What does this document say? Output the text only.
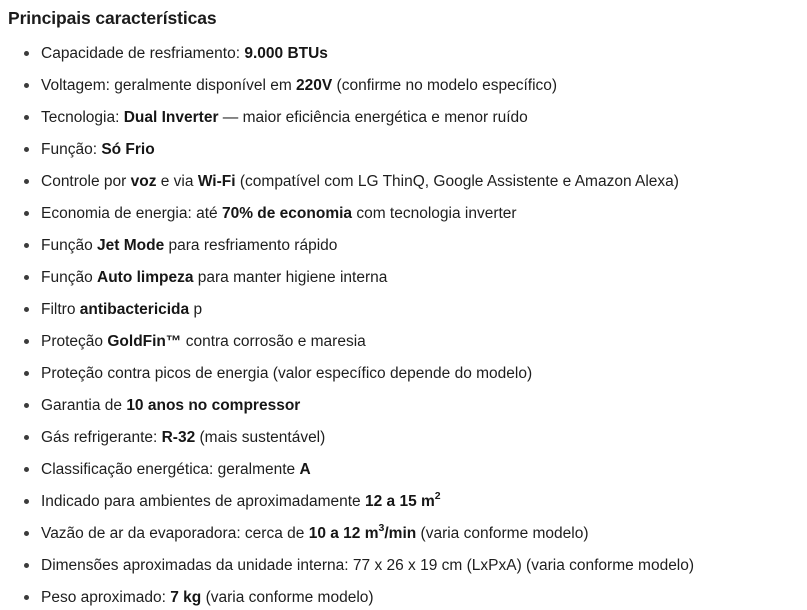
Principais características
Capacidade de resfriamento: 9.000 BTUs
Voltagem: geralmente disponível em 220V (confirme no modelo específico)
Tecnologia: Dual Inverter — maior eficiência energética e menor ruído
Função: Só Frio
Controle por voz e via Wi-Fi (compatível com LG ThinQ, Google Assistente e Amazon Alexa)
Economia de energia: até 70% de economia com tecnologia inverter
Função Jet Mode para resfriamento rápido
Função Auto limpeza para manter higiene interna
Filtro antibactericida p
Proteção GoldFin™ contra corrosão e maresia
Proteção contra picos de energia (valor específico depende do modelo)
Garantia de 10 anos no compressor
Gás refrigerante: R-32 (mais sustentável)
Classificação energética: geralmente A
Indicado para ambientes de aproximadamente 12 a 15 $m^2$
Vazão de ar da evaporadora: cerca de 10 a 12 $m^3/\min$ (varia conforme modelo)
Dimensões aproximadas da unidade interna: 77 x 26 x 19 cm (LxPxA) (varia conforme modelo)
Peso aproximado: 7 kg (varia conforme modelo)
